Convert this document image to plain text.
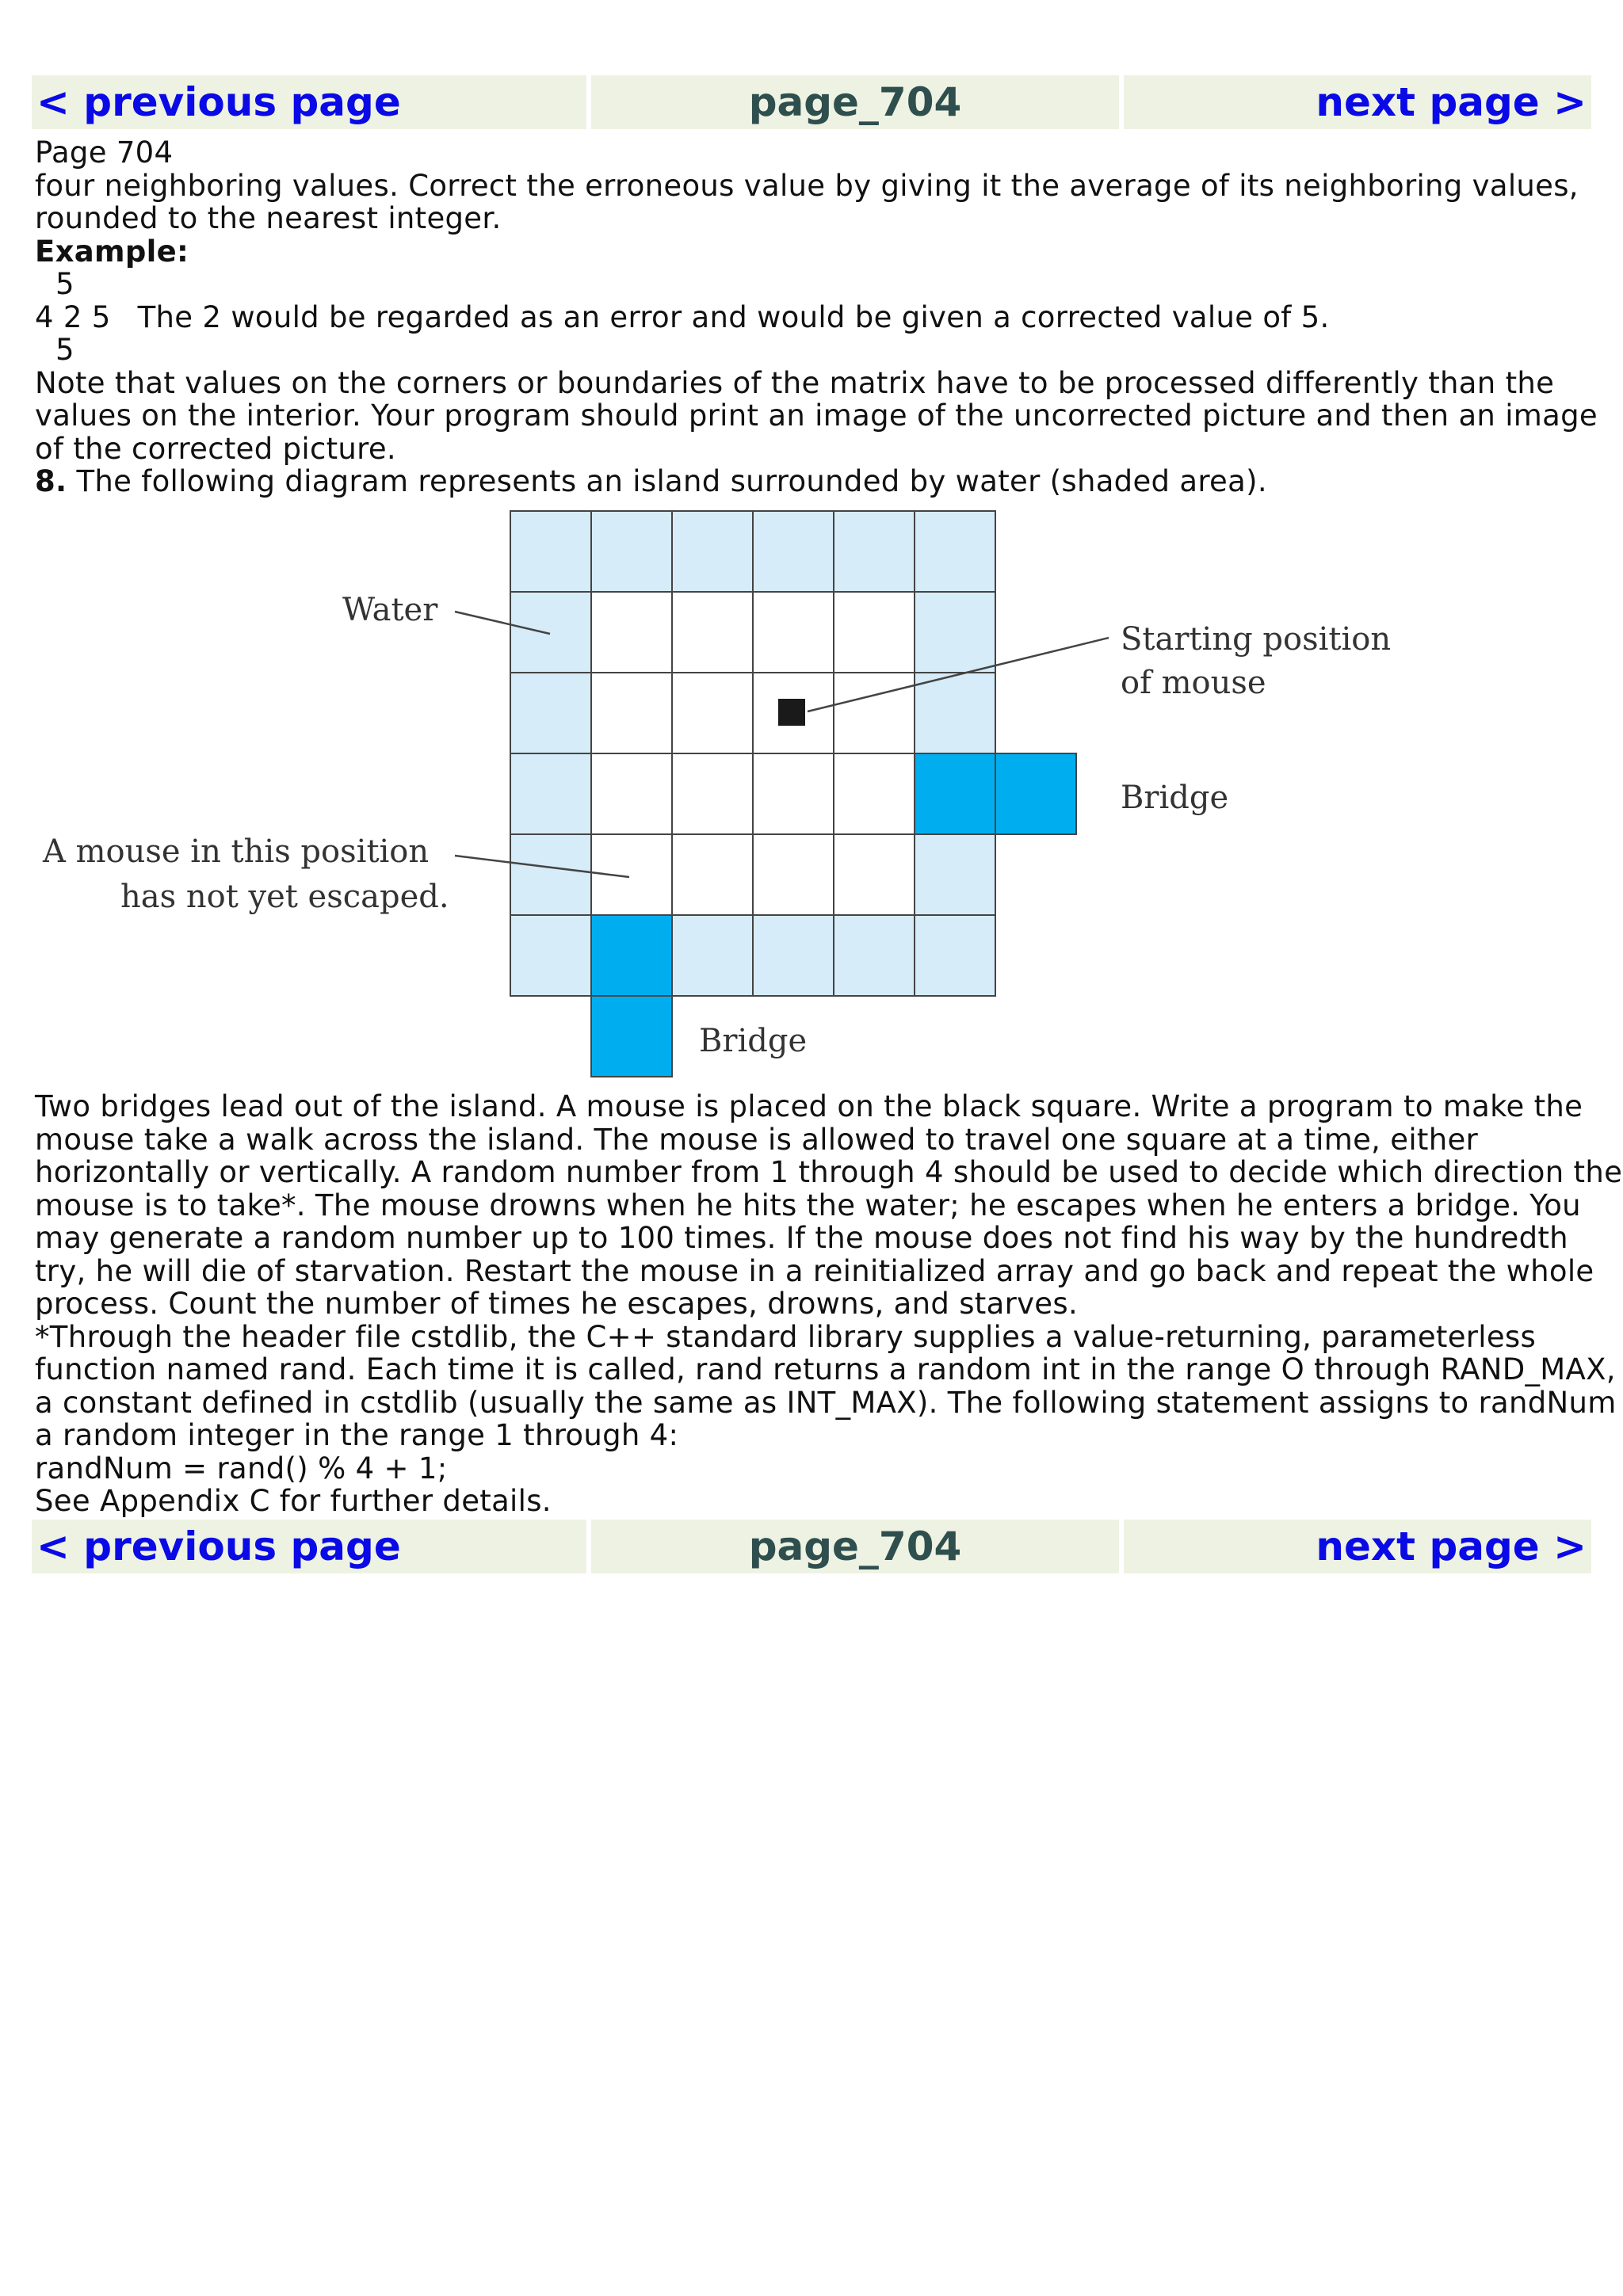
< previous page	page_704	next page >

Page 704

four neighboring values. Correct the erroneous value by giving it the average of its neighboring values,

rounded to the nearest integer.

Example:

5

4 2 5 The 2 would be regarded as an error and would be given a corrected value of 5.

5

Note that values on the corners or boundaries of the matrix have to be processed differently than the

values on the interior. Your program should print an image of the uncorrected picture and then an image

of the corrected picture.

8. The following diagram represents an island surrounded by water (shaded area).

Water
Starting position
of mouse
Bridge
A mouse in this position
has not yet escaped.
Bridge

Two bridges lead out of the island. A mouse is placed on the black square. Write a program to make the

mouse take a walk across the island. The mouse is allowed to travel one square at a time, either

horizontally or vertically. A random number from 1 through 4 should be used to decide which direction the

mouse is to take*. The mouse drowns when he hits the water; he escapes when he enters a bridge. You

may generate a random number up to 100 times. If the mouse does not find his way by the hundredth

try, he will die of starvation. Restart the mouse in a reinitialized array and go back and repeat the whole

process. Count the number of times he escapes, drowns, and starves.

*Through the header file cstdlib, the C++ standard library supplies a value-returning, parameterless

function named rand. Each time it is called, rand returns a random int in the range O through RAND_MAX,

a constant defined in cstdlib (usually the same as INT_MAX). The following statement assigns to randNum

a random integer in the range 1 through 4:

randNum = rand() % 4 + 1;

See Appendix C for further details.

< previous page	page_704	next page >
